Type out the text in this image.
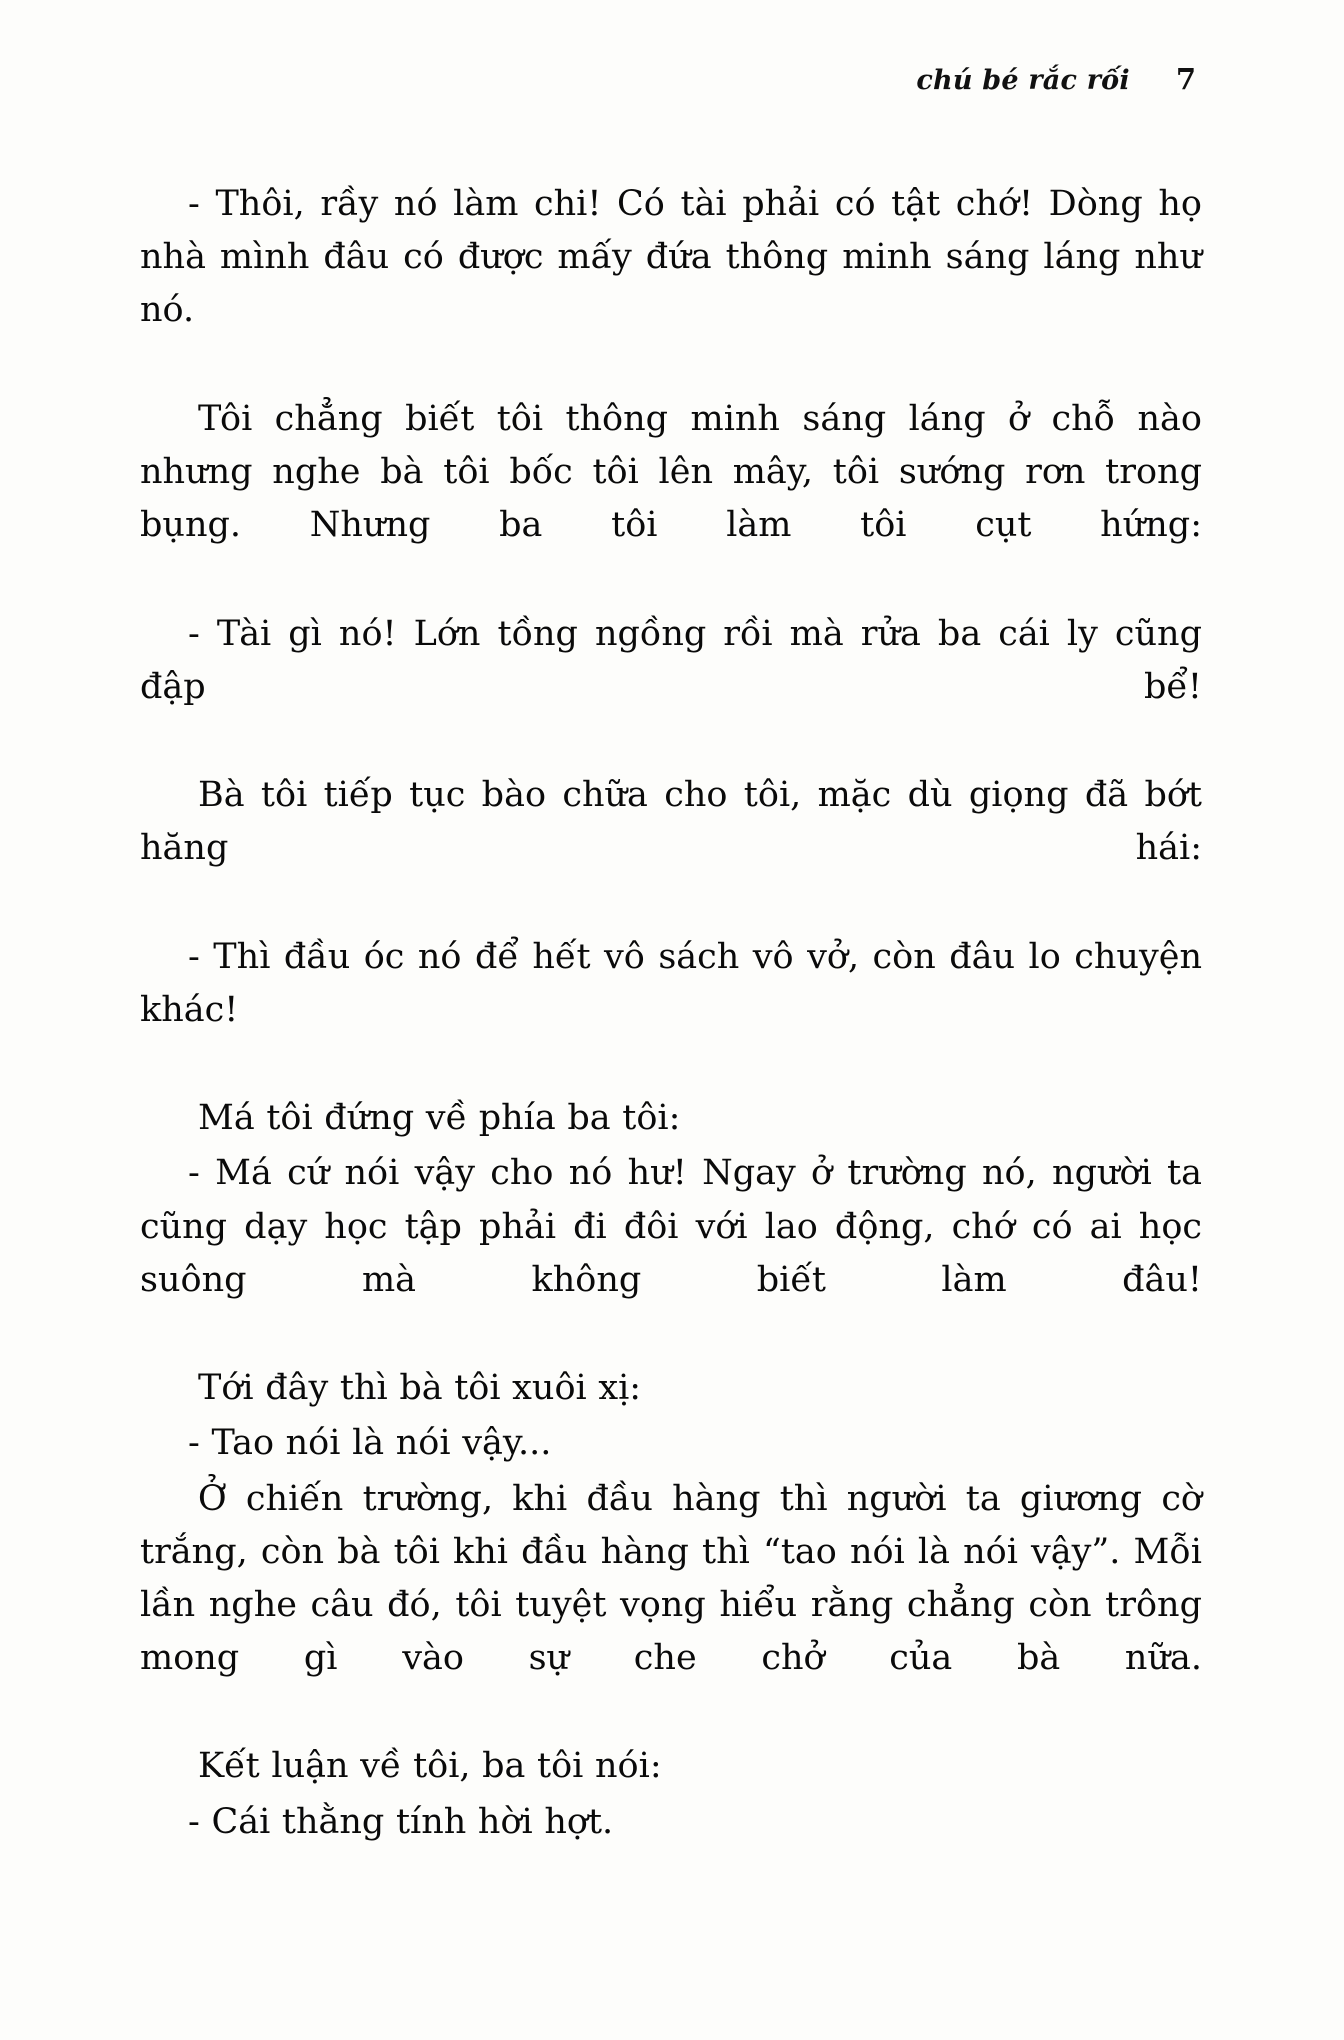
chú bé rắc rối 7

- Thôi, rầy nó làm chi! Có tài phải có tật chớ! Dòng họ nhà mình đâu có được mấy đứa thông minh sáng láng như nó.

Tôi chẳng biết tôi thông minh sáng láng ở chỗ nào nhưng nghe bà tôi bốc tôi lên mây, tôi sướng rơn trong bụng. Nhưng ba tôi làm tôi cụt hứng:

- Tài gì nó! Lớn tồng ngồng rồi mà rửa ba cái ly cũng đập bể!

Bà tôi tiếp tục bào chữa cho tôi, mặc dù giọng đã bớt hăng hái:

- Thì đầu óc nó để hết vô sách vô vở, còn đâu lo chuyện khác!

Má tôi đứng về phía ba tôi:

- Má cứ nói vậy cho nó hư! Ngay ở trường nó, người ta cũng dạy học tập phải đi đôi với lao động, chớ có ai học suông mà không biết làm đâu!

Tới đây thì bà tôi xuôi xị:

- Tao nói là nói vậy...

Ở chiến trường, khi đầu hàng thì người ta giương cờ trắng, còn bà tôi khi đầu hàng thì “tao nói là nói vậy”. Mỗi lần nghe câu đó, tôi tuyệt vọng hiểu rằng chẳng còn trông mong gì vào sự che chở của bà nữa.

Kết luận về tôi, ba tôi nói:

- Cái thằng tính hời hợt.
